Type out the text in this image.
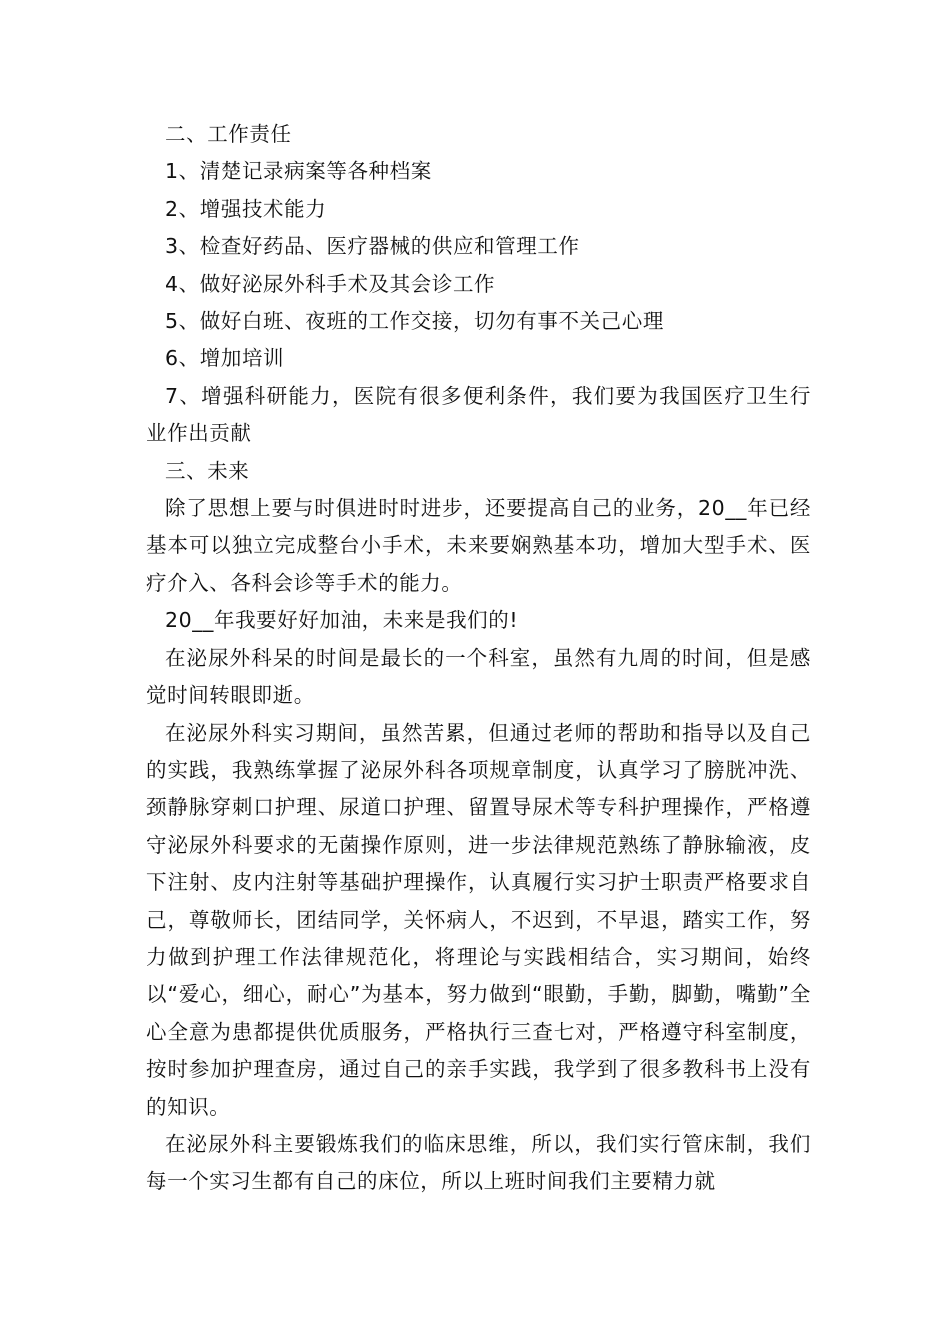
二、工作责任

1、清楚记录病案等各种档案

2、增强技术能力

3、检查好药品、医疗器械的供应和管理工作

4、做好泌尿外科手术及其会诊工作

5、做好白班、夜班的工作交接，切勿有事不关己心理

6、增加培训

7、增强科研能力，医院有很多便利条件，我们要为我国医疗卫生行业作出贡献

三、未来

除了思想上要与时俱进时时进步，还要提高自己的业务，20__年已经基本可以独立完成整台小手术，未来要娴熟基本功，增加大型手术、医疗介入、各科会诊等手术的能力。

20__年我要好好加油，未来是我们的!

在泌尿外科呆的时间是最长的一个科室，虽然有九周的时间，但是感觉时间转眼即逝。

在泌尿外科实习期间，虽然苦累，但通过老师的帮助和指导以及自己的实践，我熟练掌握了泌尿外科各项规章制度，认真学习了膀胱冲洗、颈静脉穿刺口护理、尿道口护理、留置导尿术等专科护理操作，严格遵守泌尿外科要求的无菌操作原则，进一步法律规范熟练了静脉输液，皮下注射、皮内注射等基础护理操作，认真履行实习护士职责严格要求自己，尊敬师长，团结同学，关怀病人，不迟到，不早退，踏实工作，努力做到护理工作法律规范化，将理论与实践相结合，实习期间，始终以“爱心，细心，耐心”为基本，努力做到“眼勤，手勤，脚勤，嘴勤”全心全意为患都提供优质服务，严格执行三查七对，严格遵守科室制度，按时参加护理查房，通过自己的亲手实践，我学到了很多教科书上没有的知识。

在泌尿外科主要锻炼我们的临床思维，所以，我们实行管床制，我们每一个实习生都有自己的床位，所以上班时间我们主要精力就
